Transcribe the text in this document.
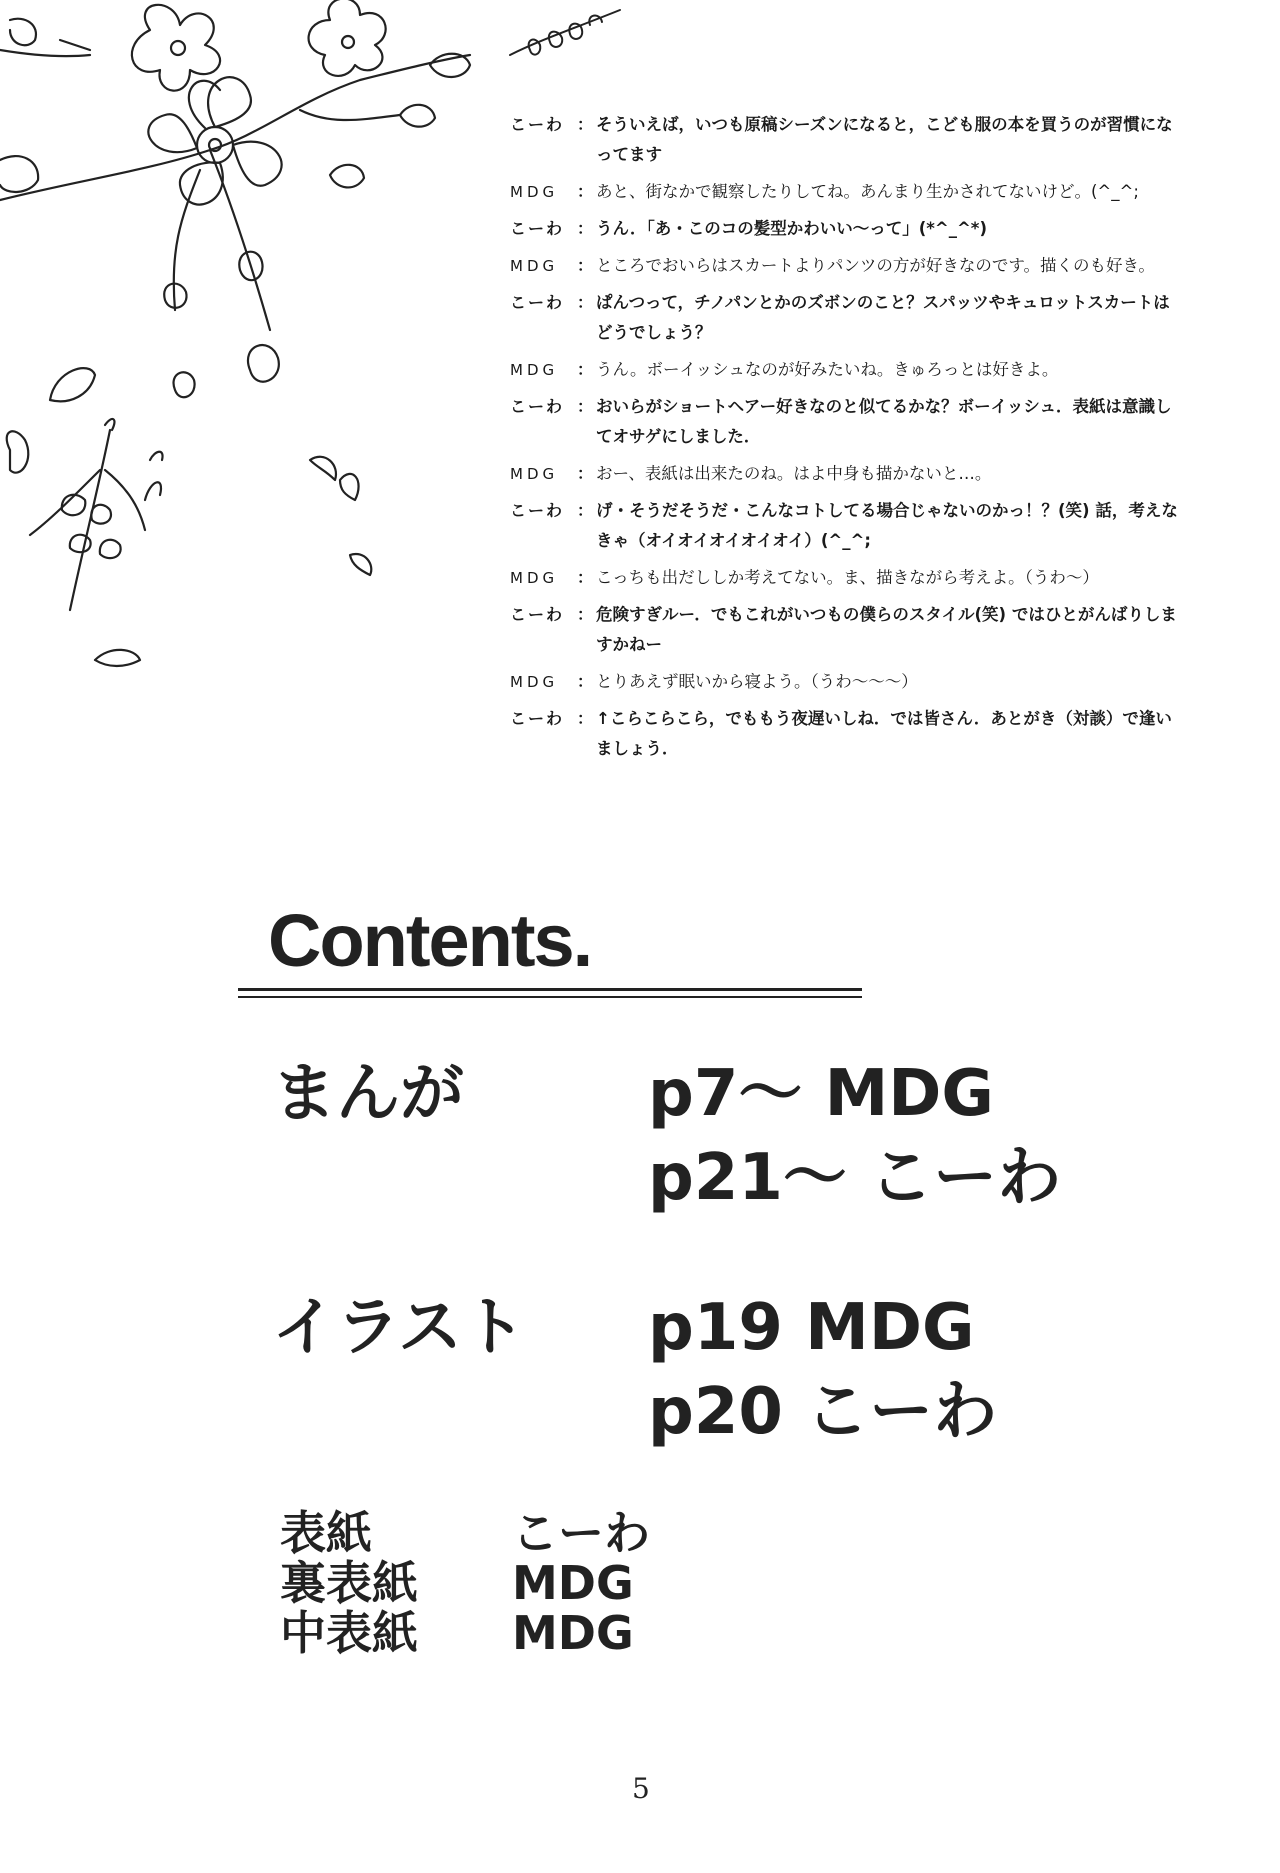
こーわ ： そういえば，いつも原稿シーズンになると，こども服の本を買うのが習慣になってます
MDG	： あと、街なかで観察したりしてね。あんまり生かされてないけど。(^_^;
こーわ ： うん．「あ・このコの髪型かわいい～って」(*^_^*)
MDG	： ところでおいらはスカートよりパンツの方が好きなのです。描くのも好き。
こーわ ： ぱんつって，チノパンとかのズボンのこと？スパッツやキュロットスカートはどうでしょう？
MDG	： うん。ボーイッシュなのが好みたいね。きゅろっとは好きよ。
こーわ ： おいらがショートヘアー好きなのと似てるかな？ボーイッシュ．表紙は意識してオサゲにしました．
MDG	： おー、表紙は出来たのね。はよ中身も描かないと…。
こーわ ： げ・そうだそうだ・こんなコトしてる場合じゃないのかっ！？(笑) 話，考えなきゃ（オイオイオイオイオイ）(^_^;
MDG	： こっちも出だししか考えてない。ま、描きながら考えよ。（うわ～）
こーわ ： 危険すぎルー．でもこれがいつもの僕らのスタイル(笑) ではひとがんばりしますかねー
MDG	： とりあえず眠いから寝よう。（うわ～～～）
こーわ ： ↑こらこらこら，でももう夜遅いしね．では皆さん．あとがき（対談）で逢いましょう．
Contents.
まんが	p7～ MDG
p21～ こーわ
イラスト p19 MDG
p20 こーわ
表紙	こーわ
裏表紙 MDG
中表紙 MDG
5
